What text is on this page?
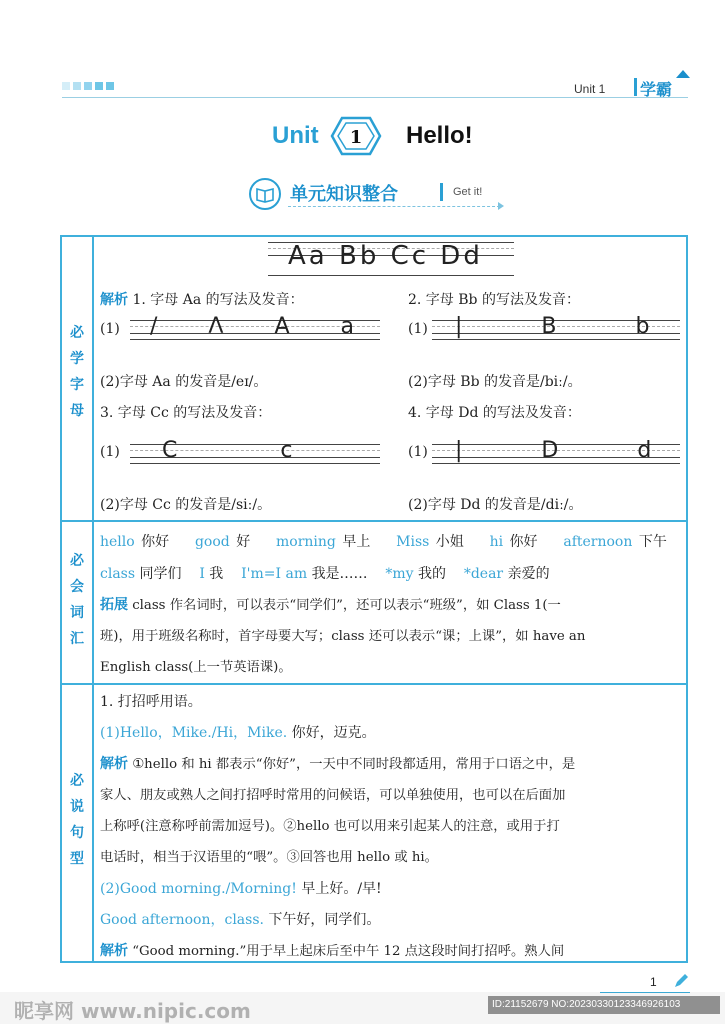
Unit 1 学霸
Unit 1 Hello!
单元知识整合	Get it!
必
学
字
母
必
会
词
汇
必
说
句
型
Aa Bb Cc Dd
解析 1. 字母 Aa 的写法及发音：	2. 字母 Bb 的写法及发音：
(1) / Λ A a (1) | B b
(2)字母 Aa 的发音是/eɪ/。	(2)字母 Bb 的发音是/biː/。
3. 字母 Cc 的写法及发音：	4. 字母 Dd 的写法及发音：
(1) C c	(1) | D d
(2)字母 Cc 的发音是/siː/。	(2)字母 Dd 的发音是/diː/。
hello 你好 good 好 morning 早上 Miss 小姐 hi 你好 afternoon 下午
class 同学们 I 我 I'm=I am 我是…… *my 我的 *dear 亲爱的
拓展 class 作名词时，可以表示“同学们”，还可以表示“班级”，如 Class 1(一
班)，用于班级名称时，首字母要大写；class 还可以表示“课；上课”，如 have an
English class(上一节英语课)。
1. 打招呼用语。
(1)Hello，Mike./Hi，Mike. 你好，迈克。
解析 ①hello 和 hi 都表示“你好”，一天中不同时段都适用，常用于口语之中，是
家人、朋友或熟人之间打招呼时常用的问候语，可以单独使用，也可以在后面加
上称呼(注意称呼前需加逗号)。②hello 也可以用来引起某人的注意，或用于打
电话时，相当于汉语里的“喂”。③回答也用 hello 或 hi。
(2)Good morning./Morning! 早上好。/早!
Good afternoon，class. 下午好，同学们。
解析 “Good morning.”用于早上起床后至中午 12 点这段时间打招呼。熟人间
1
昵享网 www.nipic.com	ID:21152679 NO:20230330123346926103
